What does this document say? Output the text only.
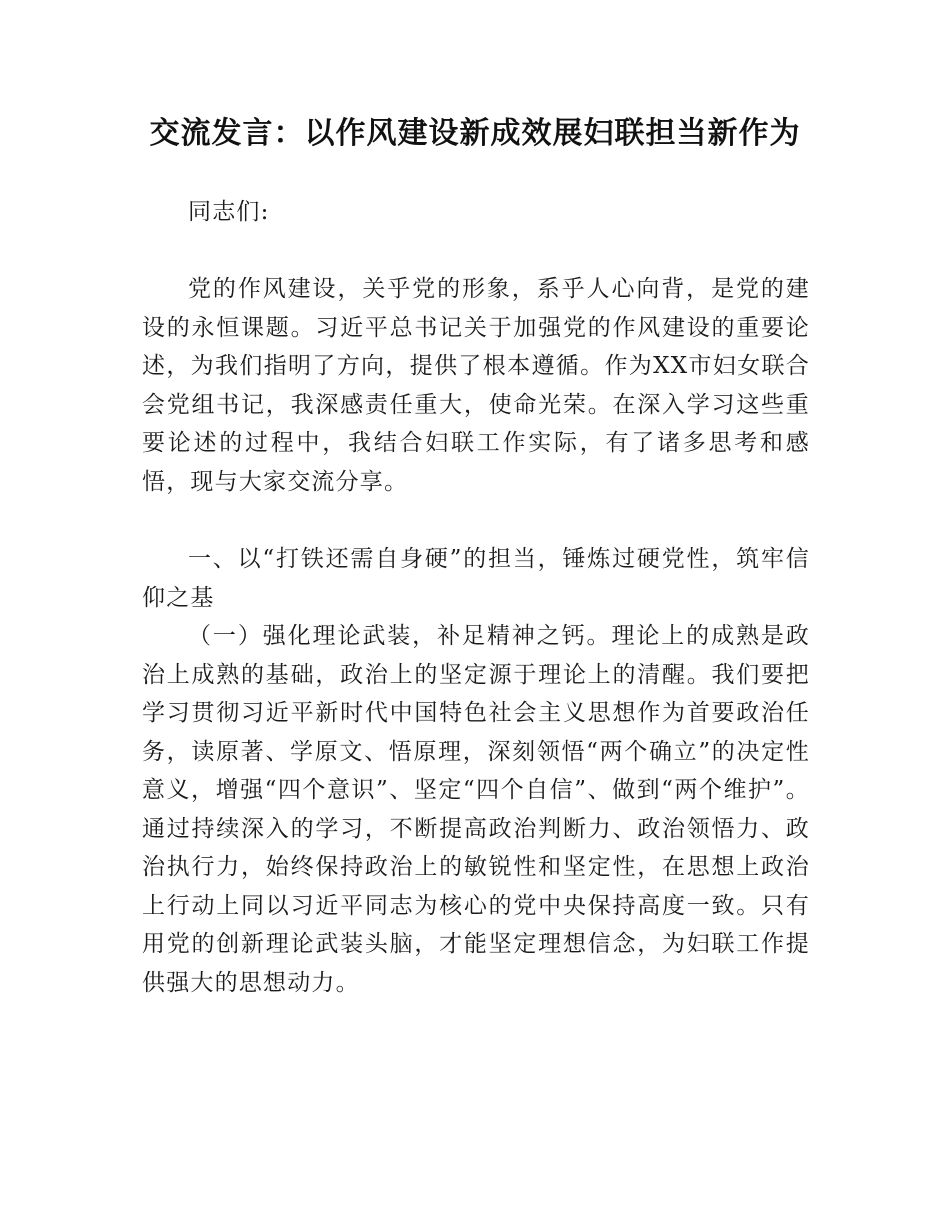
交流发言：以作风建设新成效展妇联担当新作为

同志们:

党的作风建设，关乎党的形象，系乎人心向背，是党的建设的永恒课题。习近平总书记关于加强党的作风建设的重要论述，为我们指明了方向，提供了根本遵循。作为XX市妇女联合会党组书记，我深感责任重大，使命光荣。在深入学习这些重要论述的过程中，我结合妇联工作实际，有了诸多思考和感悟，现与大家交流分享。

一、以“打铁还需自身硬”的担当，锤炼过硬党性，筑牢信仰之基

（一）强化理论武装，补足精神之钙。理论上的成熟是政治上成熟的基础，政治上的坚定源于理论上的清醒。我们要把学习贯彻习近平新时代中国特色社会主义思想作为首要政治任务，读原著、学原文、悟原理，深刻领悟“两个确立”的决定性意义，增强“四个意识”、坚定“四个自信”、做到“两个维护”。通过持续深入的学习，不断提高政治判断力、政治领悟力、政治执行力，始终保持政治上的敏锐性和坚定性，在思想上政治上行动上同以习近平同志为核心的党中央保持高度一致。只有用党的创新理论武装头脑，才能坚定理想信念，为妇联工作提供强大的思想动力。
